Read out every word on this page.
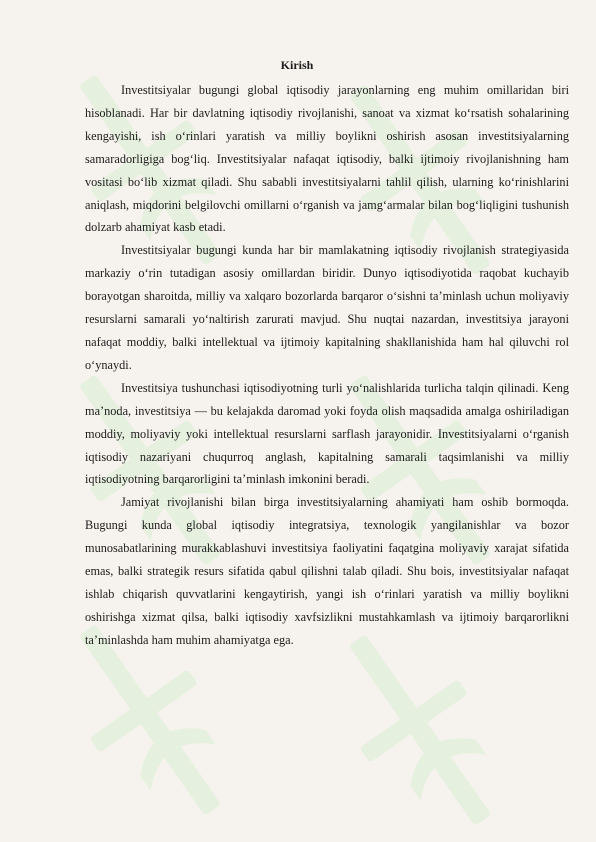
Kirish

Investitsiyalar bugungi global iqtisodiy jarayonlarning eng muhim omillaridan biri hisoblanadi. Har bir davlatning iqtisodiy rivojlanishi, sanoat va xizmat ko‘rsatish sohalarining kengayishi, ish o‘rinlari yaratish va milliy boylikni oshirish asosan investitsiyalarning samaradorligiga bog‘liq. Investitsiyalar nafaqat iqtisodiy, balki ijtimoiy rivojlanishning ham vositasi bo‘lib xizmat qiladi. Shu sababli investitsiyalarni tahlil qilish, ularning ko‘rinishlarini aniqlash, miqdorini belgilovchi omillarni o‘rganish va jamg‘armalar bilan bog‘liqligini tushunish dolzarb ahamiyat kasb etadi.

Investitsiyalar bugungi kunda har bir mamlakatning iqtisodiy rivojlanish strategiyasida markaziy o‘rin tutadigan asosiy omillardan biridir. Dunyo iqtisodiyotida raqobat kuchayib borayotgan sharoitda, milliy va xalqaro bozorlarda barqaror o‘sishni ta’minlash uchun moliyaviy resurslarni samarali yo‘naltirish zarurati mavjud. Shu nuqtai nazardan, investitsiya jarayoni nafaqat moddiy, balki intellektual va ijtimoiy kapitalning shakllanishida ham hal qiluvchi rol o‘ynaydi.

Investitsiya tushunchasi iqtisodiyotning turli yo‘nalishlarida turlicha talqin qilinadi. Keng ma’noda, investitsiya — bu kelajakda daromad yoki foyda olish maqsadida amalga oshiriladigan moddiy, moliyaviy yoki intellektual resurslarni sarflash jarayonidir. Investitsiyalarni o‘rganish iqtisodiy nazariyani chuqurroq anglash, kapitalning samarali taqsimlanishi va milliy iqtisodiyotning barqarorligini ta’minlash imkonini beradi.

Jamiyat rivojlanishi bilan birga investitsiyalarning ahamiyati ham oshib bormoqda. Bugungi kunda global iqtisodiy integratsiya, texnologik yangilanishlar va bozor munosabatlarining murakkablashuvi investitsiya faoliyatini faqatgina moliyaviy xarajat sifatida emas, balki strategik resurs sifatida qabul qilishni talab qiladi. Shu bois, investitsiyalar nafaqat ishlab chiqarish quvvatlarini kengaytirish, yangi ish o‘rinlari yaratish va milliy boylikni oshirishga xizmat qilsa, balki iqtisodiy xavfsizlikni mustahkamlash va ijtimoiy barqarorlikni ta’minlashda ham muhim ahamiyatga ega.
